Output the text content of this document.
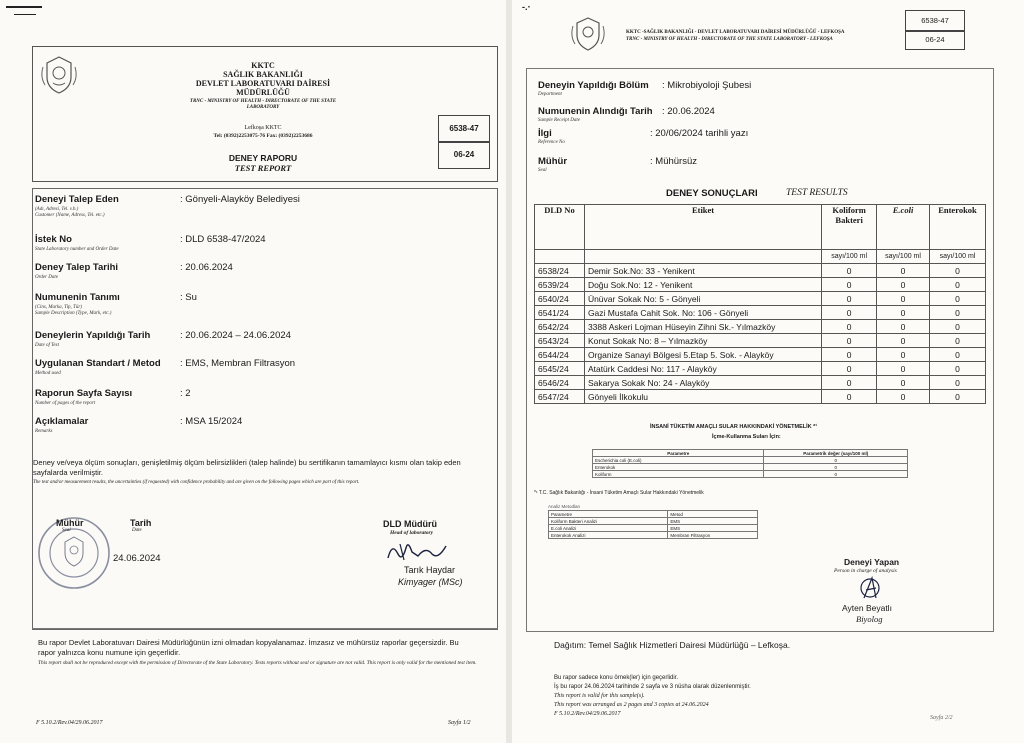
KKTC
SAĞLIK BAKANLIĞI
DEVLET LABORATUVARI DAİRESİ MÜDÜRLÜĞÜ
TRNC - MINISTRY OF HEALTH - DIRECTORATE OF THE STATE LABORATORY
Lefkoşa KKTC
Tel: (0392)2253075-76 Fax: (0392)2253686
DENEY RAPORU
TEST REPORT
6538-47
06-24
Deneyi Talep Eden
(Adı, Adresi, Tel. v.b.)
Customer (Name, Adress, Tel. etc.)
: Gönyeli-Alayköy Belediyesi
İstek No
State Laboratory number and Order Date
: DLD 6538-47/2024
Deney Talep Tarihi
Order Date
: 20.06.2024
Numunenin Tanımı
(Cins, Marka, Tip, Tür)
Sample Description (Type, Mark, etc.)
: Su
Deneylerin Yapıldığı Tarih
Date of Test
: 20.06.2024 – 24.06.2024
Uygulanan Standart / Metod
Method used
: EMS, Membran Filtrasyon
Raporun Sayfa Sayısı
Number of pages of the report
: 2
Açıklamalar
Remarks
: MSA 15/2024
Deney ve/veya ölçüm sonuçları, genişletilmiş ölçüm belirsizlikleri (talep halinde) bu sertifikanın tamamlayıcı kısmı olan takip eden sayfalarda verilmiştir.
The test and/or measurement results, the uncertainties (if requested) with confidence probability and are given on the following pages which are part of this report.
Mühür
Seal
Tarih
Date
24.06.2024
DLD Müdürü
Head of laboratory
Tarık Haydar
Kimyager (MSc)
Bu rapor Devlet Laboratuvarı Dairesi Müdürlüğünün izni olmadan kopyalanamaz. İmzasız ve mühürsüz raporlar geçersizdir. Bu rapor yalnızca konu numune için geçerlidir.
This report shall not be reproduced except with the permission of Directorate of the State Laboratory. Tests reports without seal or signature are not valid. This report is only valid for the mentioned test item.
F 5.10.2/Rev.04/29.06.2017	Sayfa 1/2
‐.‧
KKTC -SAĞLIK BAKANLIĞI - DEVLET LABORATUVARI DAİRESİ MÜDÜRLÜĞÜ - LEFKOŞA
TRNC - MINISTRY OF HEALTH - DIRECTORATE OF THE STATE LABORATORY - LEFKOŞA
6538-47
06-24
Deneyin Yapıldığı Bölüm
Department
: Mikrobiyoloji Şubesi
Numunenin Alındığı Tarih
Sample Receipt Date
: 20.06.2024
İlgi
Reference No
: 20/06/2024 tarihli yazı
Mühür
Seal
: Mühürsüz
DENEY SONUÇLARI	TEST RESULTS
DLD No	Etiket	Koliform Bakteri	E.coli	Enterokok
		sayı/100 ml	sayı/100 ml	sayı/100 ml
6538/24	Demir Sok.No: 33 - Yenikent	0	0	0
6539/24	Doğu Sok.No: 12 - Yenikent	0	0	0
6540/24	Ünüvar Sokak No: 5 - Gönyeli	0	0	0
6541/24	Gazi Mustafa Cahit Sok. No: 106 - Gönyeli	0	0	0
6542/24	3388 Askeri Lojman Hüseyin Zihni Sk.- Yılmazköy	0	0	0
6543/24	Konut Sokak No: 8 – Yılmazköy	0	0	0
6544/24	Organize Sanayi Bölgesi 5.Etap 5. Sok. - Alayköy	0	0	0
6545/24	Atatürk Caddesi No: 117 - Alayköy	0	0	0
6546/24	Sakarya Sokak No: 24 - Alayköy	0	0	0
6547/24	Gönyeli İlkokulu	0	0	0
İNSANİ TÜKETİM AMAÇLI SULAR HAKKINDAKİ YÖNETMELİK *¹
İçme-Kullanma Suları İçin:
Parametre	Parametrik değer (sayı/100 ml)
Escherichia coli (E.coli)	0
Enterokok	0
Koliform	0
*¹ T.C. Sağlık Bakanlığı - İnsani Tüketim Amaçlı Sular Hakkındaki Yönetmelik
Analiz Metodları
Parametre	Metod
Koliform Bakteri Analizi	EMS
E.coli Analizi	EMS
Enterokok Analizi	Membran Filtrasyon
Deneyi Yapan
Person in charge of analysis
Ayten Beyatlı
Biyolog
Dağıtım: Temel Sağlık Hizmetleri Dairesi Müdürlüğü – Lefkoşa.
Bu rapor sadece konu örnek(ler) için geçerlidir.
İş bu rapor 24.06.2024 tarihinde 2 sayfa ve 3 nüsha olarak düzenlenmiştir.
This report is valid for this sample(s).
This report was arranged as 2 pages and 3 copies at 24.06.2024
F 5.10.2/Rev.04/29.06.2017
Sayfa 2/2
